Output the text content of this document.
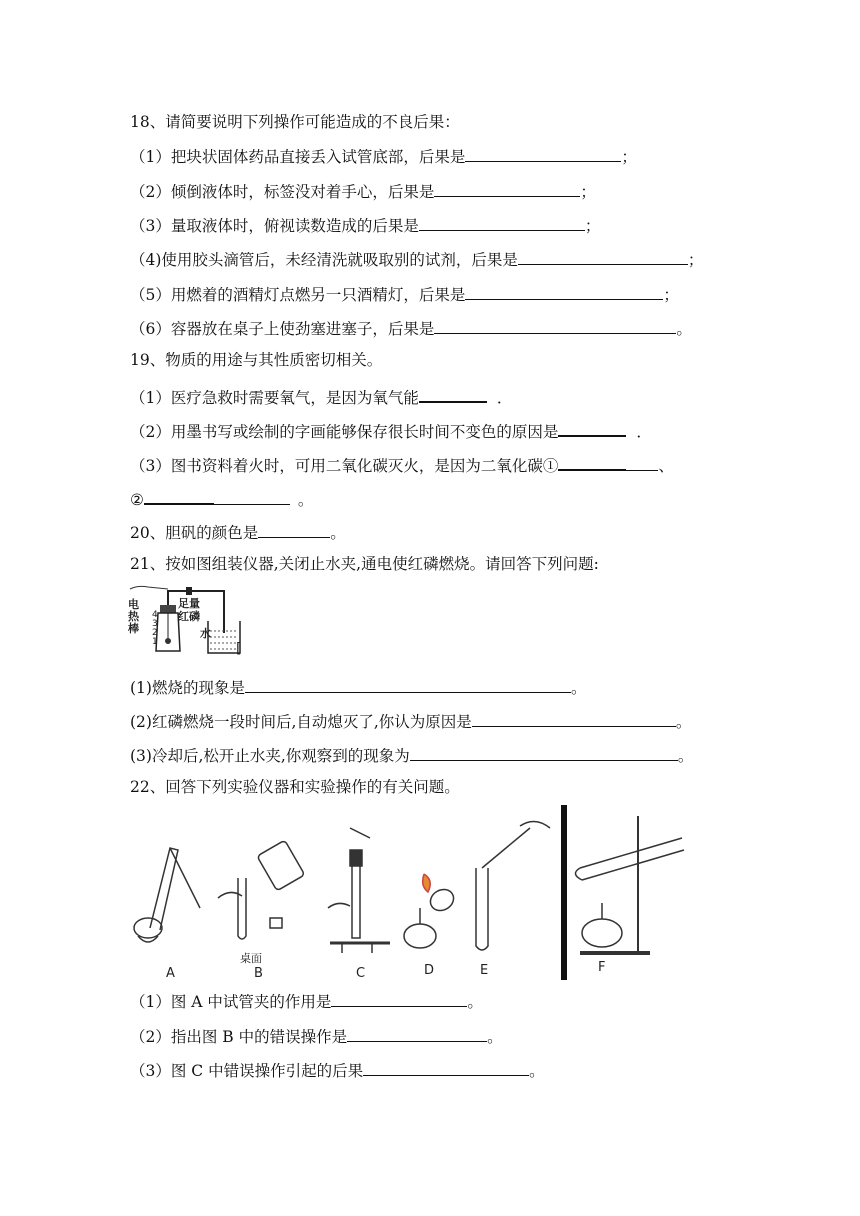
18、请简要说明下列操作可能造成的不良后果：
（1）把块状固体药品直接丢入试管底部，后果是	；
（2）倾倒液体时，标签没对着手心，后果是	；
（3）量取液体时，俯视读数造成的后果是	；
（4)使用胶头滴管后，未经清洗就吸取别的试剂，后果是	；
（5）用燃着的酒精灯点燃另一只酒精灯，后果是	；
（6）容器放在桌子上使劲塞进塞子，后果是	。
19、物质的用途与其性质密切相关。
（1）医疗急救时需要氧气，是因为氧气能	．
（2）用墨书写或绘制的字画能够保存很长时间不变色的原因是	．
（3）图书资料着火时，可用二氧化碳灭火，是因为二氧化碳①	、
②	。
20、胆矾的颜色是	。
21、按如图组装仪器,关闭止水夹,通电使红磷燃烧。请回答下列问题:
电
热
棒
4
3
2
1
足量
红磷
水
[
(1)燃烧的现象是	。
(2)红磷燃烧一段时间后,自动熄灭了,你认为原因是	。
(3)冷却后,松开止水夹,你观察到的现象为	。
22、回答下列实验仪器和实验操作的有关问题。
桌面
A	B	C	D	E	F
（1）图 A 中试管夹的作用是	。
（2）指出图 B 中的错误操作是	。
（3）图 C 中错误操作引起的后果	。
